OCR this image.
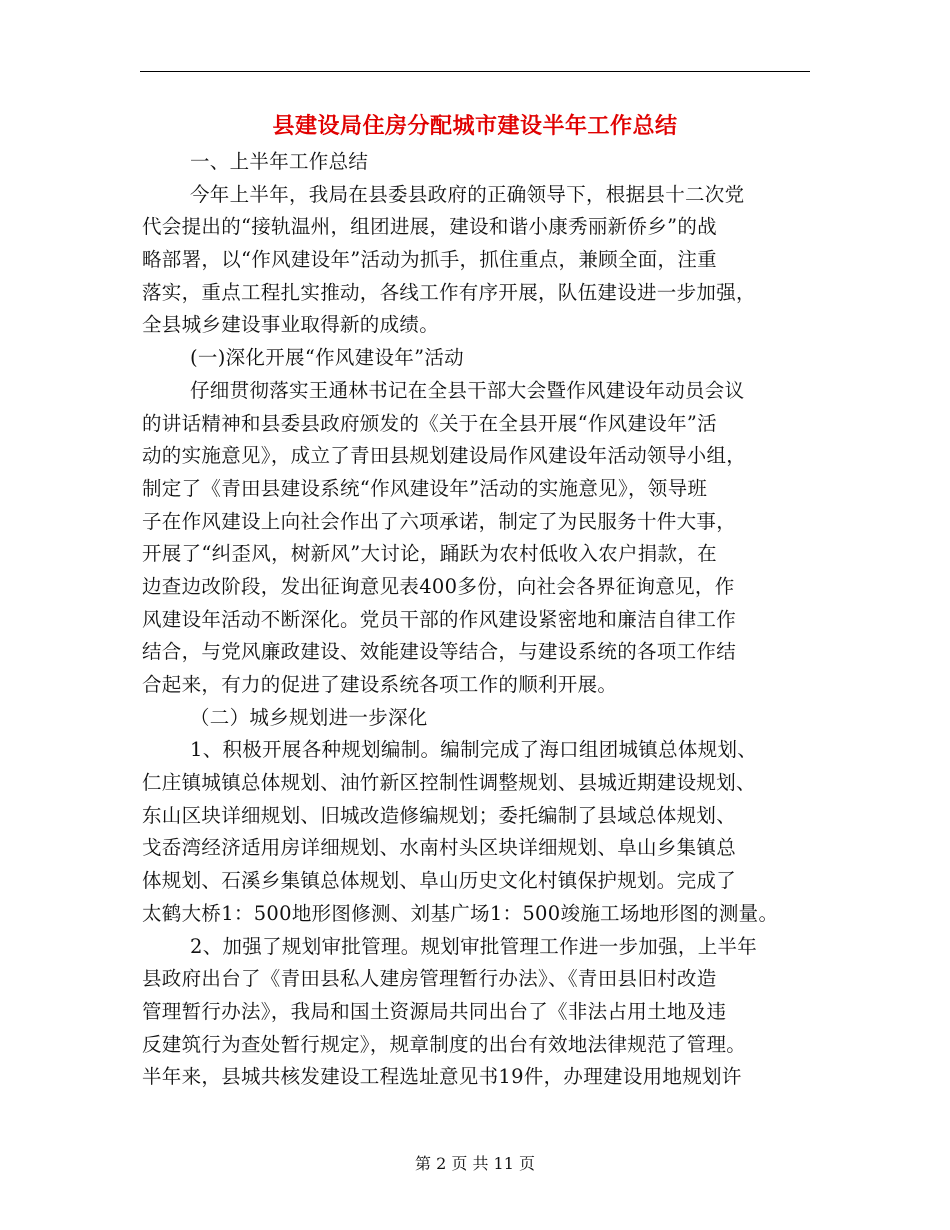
县建设局住房分配城市建设半年工作总结
一、上半年工作总结
今年上半年，我局在县委县政府的正确领导下，根据县十二次党
代会提出的“接轨温州，组团进展，建设和谐小康秀丽新侨乡”的战
略部署，以“作风建设年”活动为抓手，抓住重点，兼顾全面，注重
落实，重点工程扎实推动，各线工作有序开展，队伍建设进一步加强，
全县城乡建设事业取得新的成绩。
(一)深化开展“作风建设年”活动
仔细贯彻落实王通林书记在全县干部大会暨作风建设年动员会议
的讲话精神和县委县政府颁发的《关于在全县开展“作风建设年”活
动的实施意见》，成立了青田县规划建设局作风建设年活动领导小组，
制定了《青田县建设系统“作风建设年”活动的实施意见》，领导班
子在作风建设上向社会作出了六项承诺，制定了为民服务十件大事，
开展了“纠歪风，树新风”大讨论，踊跃为农村低收入农户捐款，在
边查边改阶段，发出征询意见表400多份，向社会各界征询意见，作
风建设年活动不断深化。党员干部的作风建设紧密地和廉洁自律工作
结合，与党风廉政建设、效能建设等结合，与建设系统的各项工作结
合起来，有力的促进了建设系统各项工作的顺利开展。
（二）城乡规划进一步深化
1、积极开展各种规划编制。编制完成了海口组团城镇总体规划、
仁庄镇城镇总体规划、油竹新区控制性调整规划、县城近期建设规划、
东山区块详细规划、旧城改造修编规划；委托编制了县域总体规划、
戈岙湾经济适用房详细规划、水南村头区块详细规划、阜山乡集镇总
体规划、石溪乡集镇总体规划、阜山历史文化村镇保护规划。完成了
太鹤大桥1：500地形图修测、刘基广场1：500竣施工场地形图的测量。
2、加强了规划审批管理。规划审批管理工作进一步加强，上半年
县政府出台了《青田县私人建房管理暂行办法》、《青田县旧村改造
管理暂行办法》，我局和国土资源局共同出台了《非法占用土地及违
反建筑行为查处暂行规定》，规章制度的出台有效地法律规范了管理。
半年来，县城共核发建设工程选址意见书19件，办理建设用地规划许
第 2 页 共 11 页
